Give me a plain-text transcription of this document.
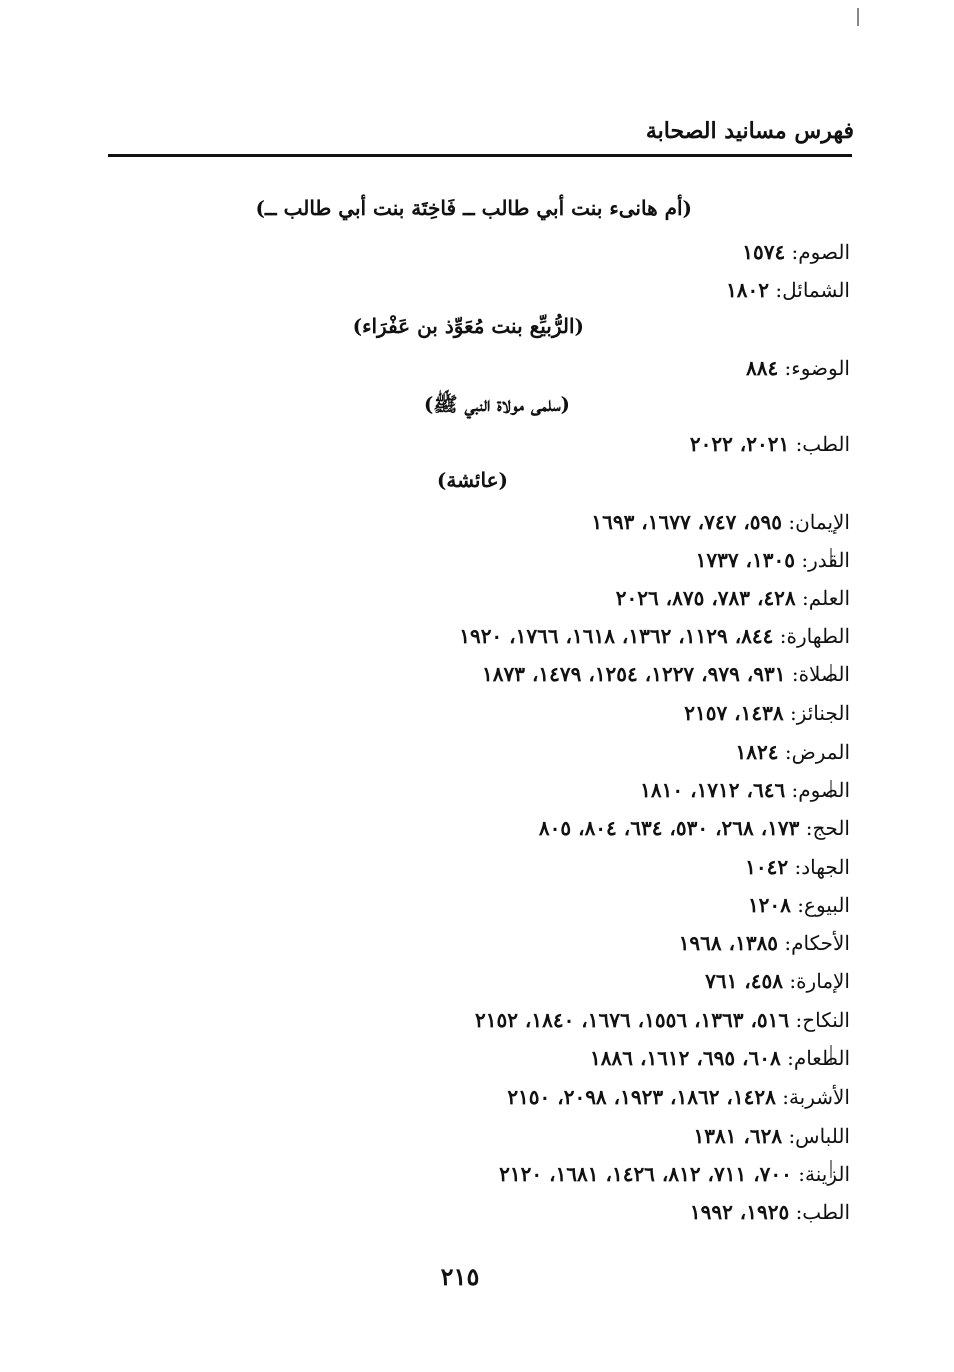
فهرس مسانيد الصحابة
(أم هانىء بنت أبي طالب ــ فَاخِتَة بنت أبي طالب ــ)
الصوم: ١٥٧٤
الشمائل: ١٨٠٢
(الرُّبيِّع بنت مُعَوِّذ بن عَفْرَاء)
الوضوء: ٨٨٤
(سلمى مولاة النبي ﷺ)
الطب: ٢٠٢١، ٢٠٢٢
(عائشة)
الإيمان: ٥٩٥، ٧٤٧، ١٦٧٧، ١٦٩٣
القدر: ١٣٠٥، ١٧٣٧
العلم: ٤٢٨، ٧٨٣، ٨٧٥، ٢٠٢٦
الطهارة: ٨٤٤، ١١٢٩، ١٣٦٢، ١٦١٨، ١٧٦٦، ١٩٢٠
الصلاة: ٩٣١، ٩٧٩، ١٢٢٧، ١٢٥٤، ١٤٧٩، ١٨٧٣
الجنائز: ١٤٣٨، ٢١٥٧
المرض: ١٨٢٤
الصوم: ٦٤٦، ١٧١٢، ١٨١٠
الحج: ١٧٣، ٢٦٨، ٥٣٠، ٦٣٤، ٨٠٤، ٨٠٥
الجهاد: ١٠٤٢
البيوع: ١٢٠٨
الأحكام: ١٣٨٥، ١٩٦٨
الإمارة: ٤٥٨، ٧٦١
النكاح: ٥١٦، ١٣٦٣، ١٥٥٦، ١٦٧٦، ١٨٤٠، ٢١٥٢
الطعام: ٦٠٨، ٦٩٥، ١٦١٢، ١٨٨٦
الأشربة: ١٤٢٨، ١٨٦٢، ١٩٢٣، ٢٠٩٨، ٢١٥٠
اللباس: ٦٢٨، ١٣٨١
الزينة: ٧٠٠، ٧١١، ٨١٢، ١٤٢٦، ١٦٨١، ٢١٢٠
الطب: ١٩٢٥، ١٩٩٢
٢١٥
